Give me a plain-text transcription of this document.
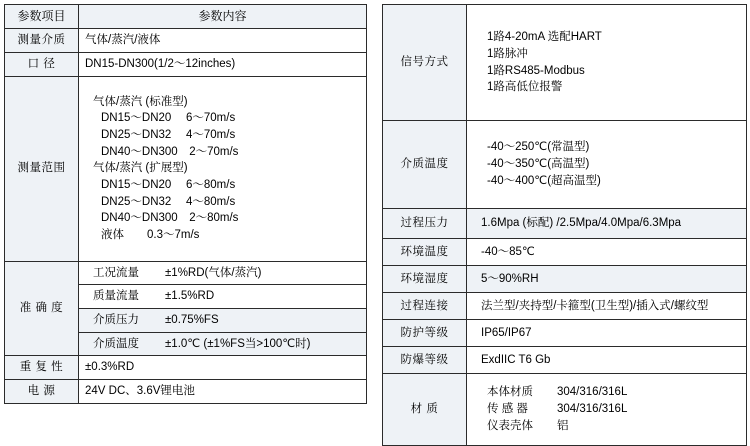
参数项目	参数内容
测量介质	气体/蒸汽/液体
口 径	DN15-DN300(1/2～12inches)
测量范围	
气体/蒸汽 (标准型)
DN15～DN20　 6～70m/s
DN25～DN32　 4～70m/s
DN40～DN300　2～70m/s
气体/蒸汽 (扩展型)
DN15～DN20　 6～80m/s
DN25～DN32　 4～80m/s
DN40～DN300　2～80m/s
液体　　0.3～7m/s

准 确 度	工况流量 ±1%RD(气体/蒸汽)
	质量流量 ±1.5%RD
	介质压力 ±0.75%FS
	介质温度 ±1.0℃ (±1%FS当>100℃时)
重 复 性	±0.3%RD
电 源	24V DC、3.6V锂电池
信号方式	1路4-20mA 选配HART
1路脉冲
1路RS485-Modbus
1路高低位报警

介质温度	-40～250℃(常温型)
-40～350℃(高温型)
-40～400℃(超高温型)

过程压力	1.6Mpa (标配) /2.5Mpa/4.0Mpa/6.3Mpa
环境温度	-40～85℃
环境湿度	5～90%RH
过程连接	法兰型/夹持型/卡箍型(卫生型)/插入式/螺纹型
防护等级	IP65/IP67
防爆等级	ExdIIC T6 Gb
材 质	本体材质 304/316/316L
传 感 器 304/316/316L
仪表壳体 铝
